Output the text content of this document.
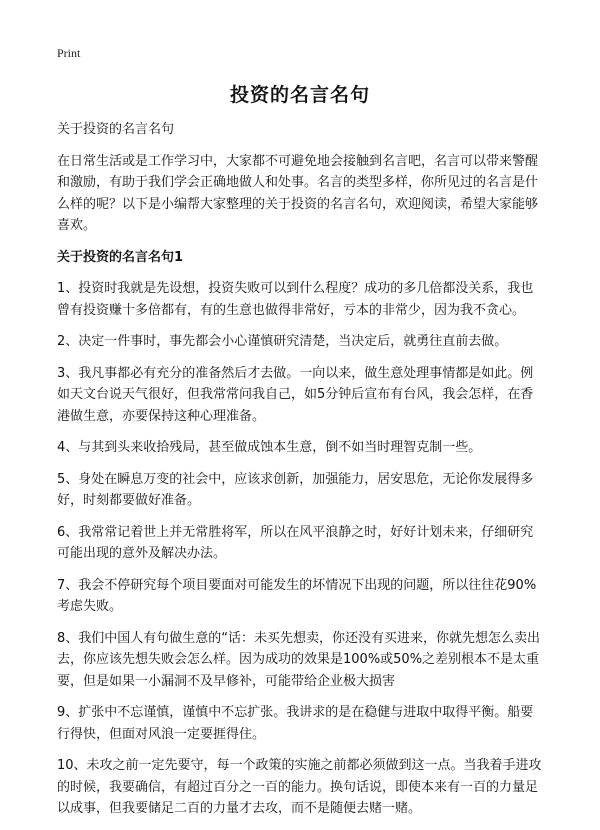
Print
投资的名言名句

关于投资的名言名句

在日常生活或是工作学习中，大家都不可避免地会接触到名言吧，名言可以带来警醒和激励，有助于我们学会正确地做人和处事。名言的类型多样，你所见过的名言是什么样的呢？以下是小编帮大家整理的关于投资的名言名句，欢迎阅读，希望大家能够喜欢。

关于投资的名言名句1

1、投资时我就是先设想，投资失败可以到什么程度？成功的多几倍都没关系，我也曾有投资赚十多倍都有，有的生意也做得非常好，亏本的非常少，因为我不贪心。

2、决定一件事时，事先都会小心谨慎研究清楚，当决定后，就勇往直前去做。

3、我凡事都必有充分的准备然后才去做。一向以来，做生意处理事情都是如此。例如天文台说天气很好，但我常常问我自己，如5分钟后宣布有台风，我会怎样，在香港做生意，亦要保持这种心理准备。

4、与其到头来收拾残局，甚至做成蚀本生意，倒不如当时理智克制一些。

5、身处在瞬息万变的社会中，应该求创新，加强能力，居安思危，无论你发展得多好，时刻都要做好准备。

6、我常常记着世上并无常胜将军，所以在风平浪静之时，好好计划未来，仔细研究可能出现的意外及解决办法。

7、我会不停研究每个项目要面对可能发生的坏情况下出现的问题，所以往往花90%考虑失败。

8、我们中国人有句做生意的“话：未买先想卖，你还没有买进来，你就先想怎么卖出去，你应该先想失败会怎么样。因为成功的效果是100%或50%之差别根本不是太重要，但是如果一小漏洞不及早修补，可能带给企业极大损害

9、扩张中不忘谨慎，谨慎中不忘扩张。我讲求的是在稳健与进取中取得平衡。船要行得快，但面对风浪一定要捱得住。

10、未攻之前一定先要守，每一个政策的实施之前都必须做到这一点。当我着手进攻的时候，我要确信，有超过百分之一百的能力。换句话说，即使本来有一百的力量足以成事，但我要储足二百的力量才去攻，而不是随便去赌一赌。
